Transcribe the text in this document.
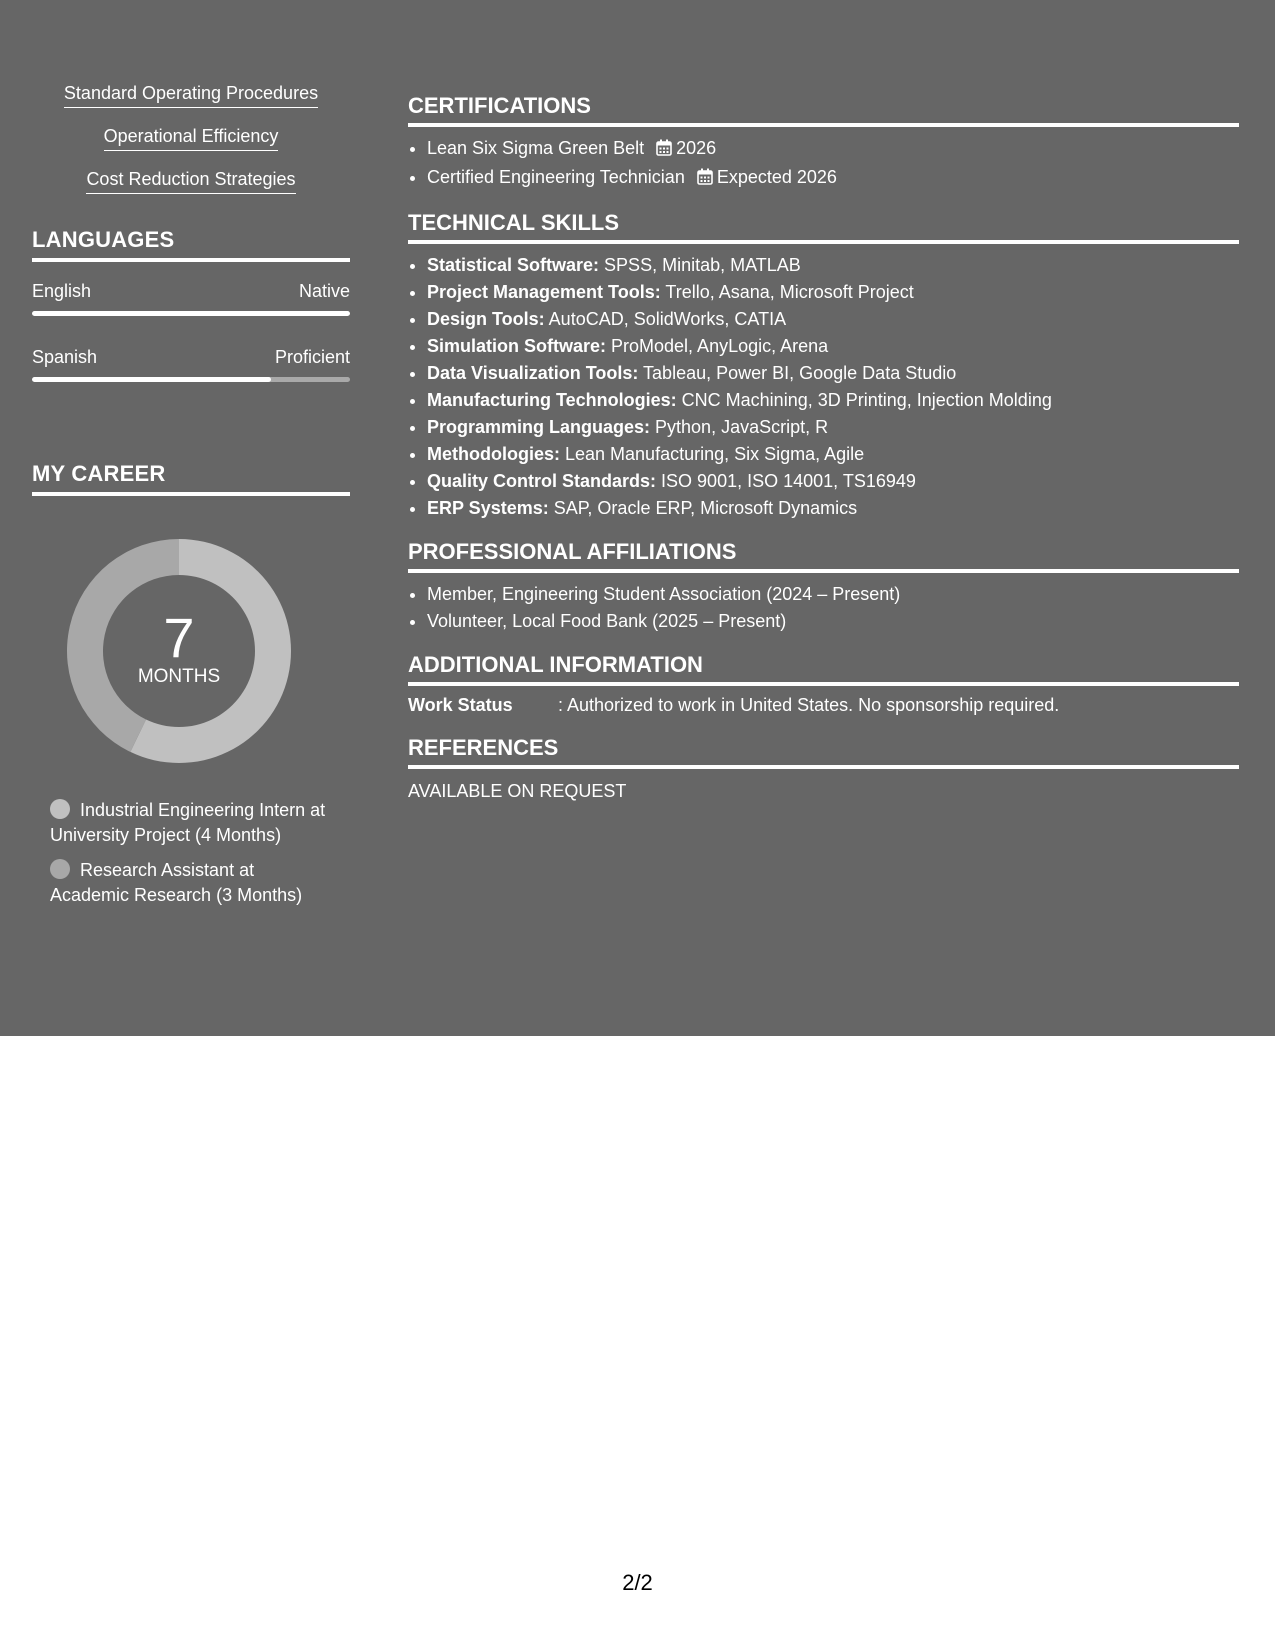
Standard Operating Procedures
Operational Efficiency
Cost Reduction Strategies
LANGUAGES
English	Native
Spanish	Proficient
MY CAREER
7
MONTHS
Industrial Engineering Intern at University Project (4 Months)
Research Assistant at Academic Research (3 Months)
CERTIFICATIONS
• Lean Six Sigma Green Belt 2026
• Certified Engineering Technician Expected 2026
TECHNICAL SKILLS
• Statistical Software: SPSS, Minitab, MATLAB
• Project Management Tools: Trello, Asana, Microsoft Project
• Design Tools: AutoCAD, SolidWorks, CATIA
• Simulation Software: ProModel, AnyLogic, Arena
• Data Visualization Tools: Tableau, Power BI, Google Data Studio
• Manufacturing Technologies: CNC Machining, 3D Printing, Injection Molding
• Programming Languages: Python, JavaScript, R
• Methodologies: Lean Manufacturing, Six Sigma, Agile
• Quality Control Standards: ISO 9001, ISO 14001, TS16949
• ERP Systems: SAP, Oracle ERP, Microsoft Dynamics
PROFESSIONAL AFFILIATIONS
• Member, Engineering Student Association (2024 – Present)
• Volunteer, Local Food Bank (2025 – Present)
ADDITIONAL INFORMATION
Work Status	: Authorized to work in United States. No sponsorship required.
REFERENCES
AVAILABLE ON REQUEST
2/2
